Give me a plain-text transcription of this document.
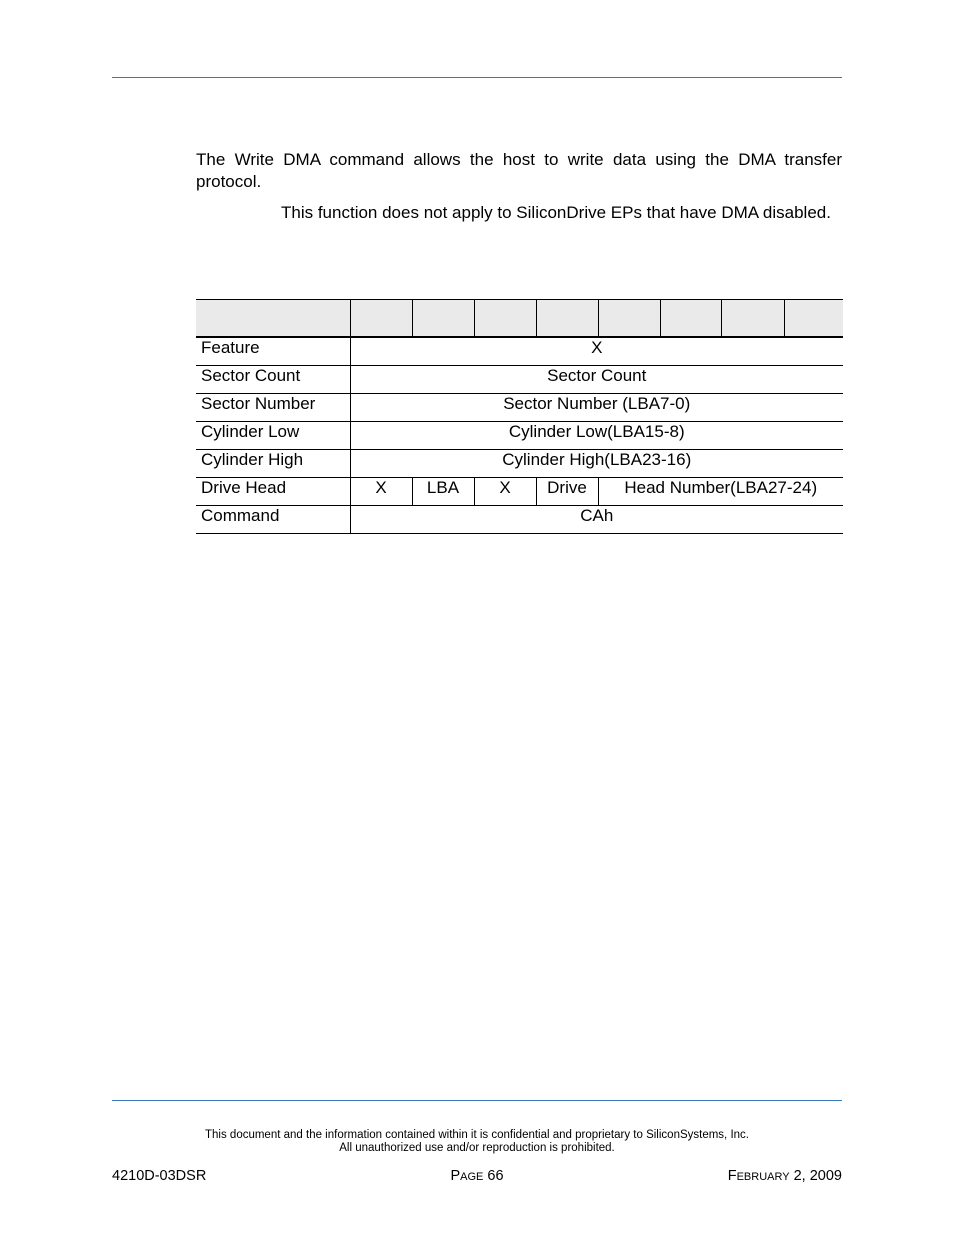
The Write DMA command allows the host to write data using the DMA transfer protocol.
This function does not apply to SiliconDrive EPs that have DMA disabled.

Feature	X							
Sector Count	Sector Count							
Sector Number	Sector Number (LBA7-0)							
Cylinder Low	Cylinder Low(LBA15-8)							
Cylinder High	Cylinder High(LBA23-16)							
Drive Head	X	LBA	X	Drive	Head Number(LBA27-24)			
Command	CAh							
This document and the information contained within it is confidential and proprietary to SiliconSystems, Inc.
All unauthorized use and/or reproduction is prohibited.
4210D-03DSR	PAGE 66	FEBRUARY 2, 2009
